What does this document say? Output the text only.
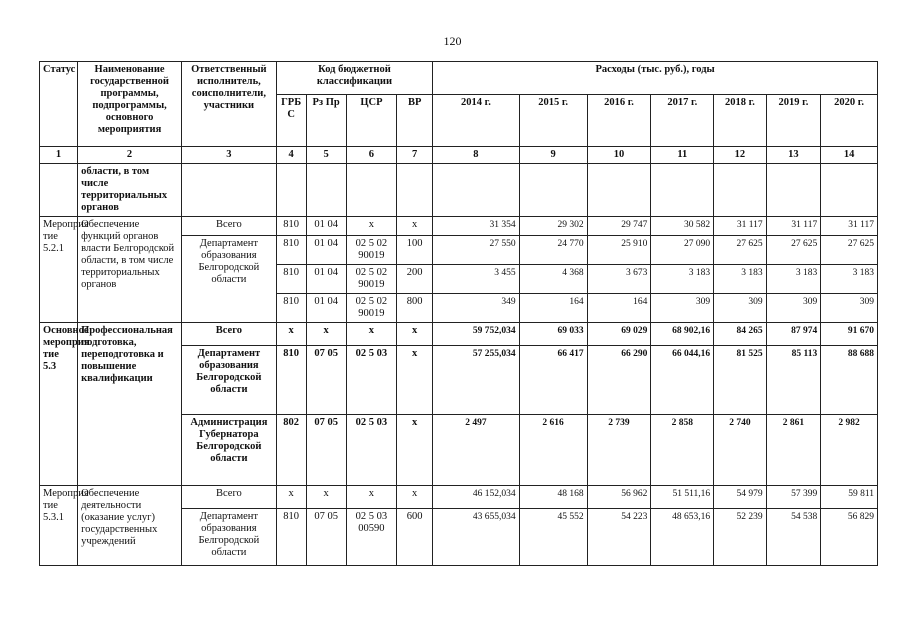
120
Статус	Наименование государственной программы, подпрограммы, основного мероприятия	Ответственный исполнитель, соисполнители, участники	Код бюджетной классификации				Расходы (тыс. руб.), годы						
			ГРБ С	Рз Пр	ЦСР	ВР	2014 г.	2015 г.	2016 г.	2017 г.	2018 г.	2019 г.	2020 г.
1	2	3	4	5	6	7	8	9	10	11	12	13	14
	области, в том числе территориальных органов												
Мероприя тие 5.2.1	Обеспечение функций органов власти Белгородской области, в том числе территориальных органов	Всего	810	01 04	х	х	31 354	29 302	29 747	30 582	31 117	31 117	31 117
		Департамент образования Белгородской области	810	01 04	02 5 02 90019	100	27 550	24 770	25 910	27 090	27 625	27 625	27 625
			810	01 04	02 5 02 90019	200	3 455	4 368	3 673	3 183	3 183	3 183	3 183
			810	01 04	02 5 02 90019	800	349	164	164	309	309	309	309
Основное мероприя тие 5.3	Профессиональная подготовка, переподготовка и повышение квалификации	Всего	х	х	х	х	59 752,034	69 033	69 029	68 902,16	84 265	87 974	91 670
		Департамент образования Белгородской области	810	07 05	02 5 03	х	57 255,034	66 417	66 290	66 044,16	81 525	85 113	88 688
		Администрация Губернатора Белгородской области	802	07 05	02 5 03	х	2 497	2 616	2 739	2 858	2 740	2 861	2 982
Мероприя тие 5.3.1	Обеспечение деятельности (оказание услуг) государственных учреждений	Всего	х	х	х	х	46 152,034	48 168	56 962	51 511,16	54 979	57 399	59 811
		Департамент образования Белгородской области	810	07 05	02 5 03 00590	600	43 655,034	45 552	54 223	48 653,16	52 239	54 538	56 829
